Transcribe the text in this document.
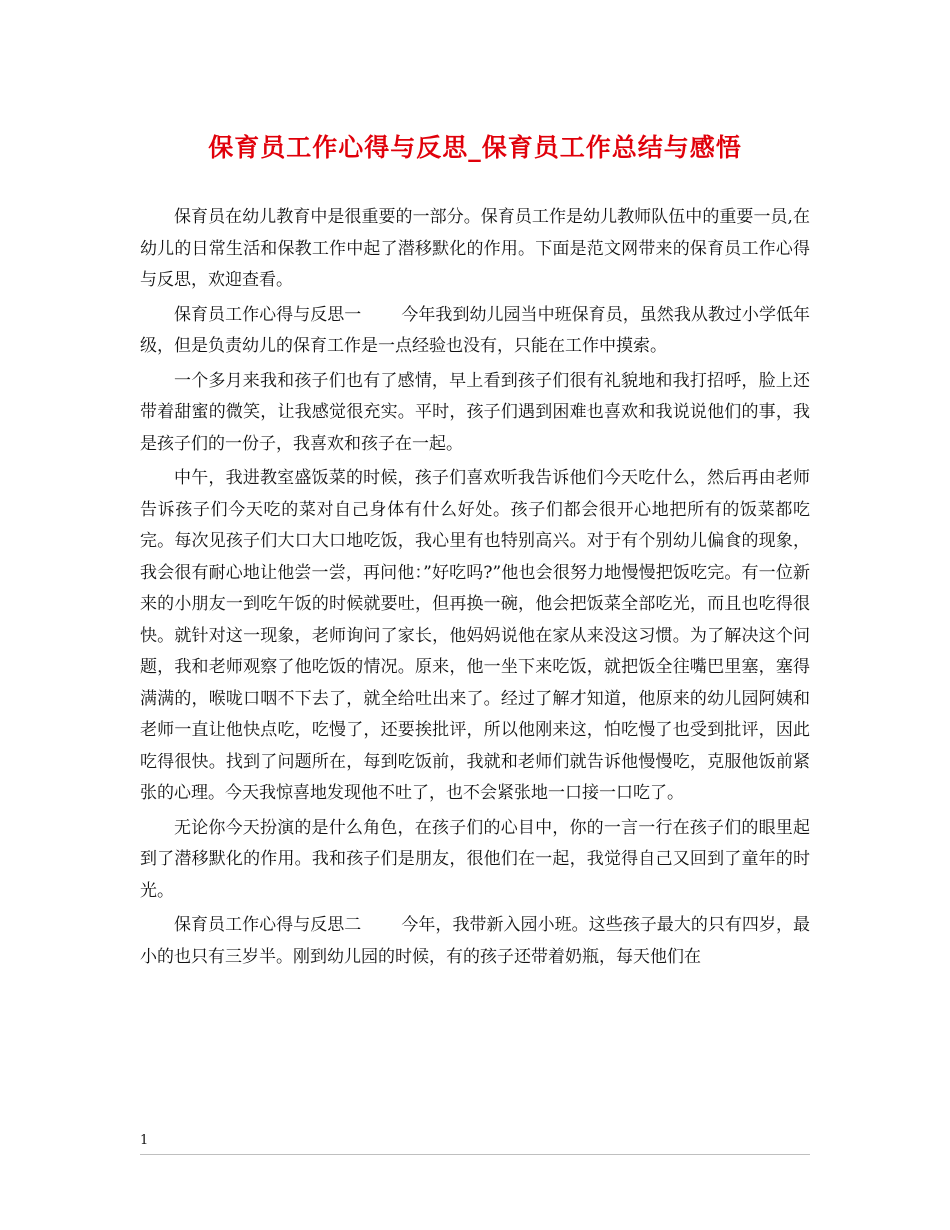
保育员工作心得与反思_保育员工作总结与感悟

保育员在幼儿教育中是很重要的一部分。保育员工作是幼儿教师队伍中的重要一员,在幼儿的日常生活和保教工作中起了潜移默化的作用。下面是范文网带来的保育员工作心得与反思，欢迎查看。

保育员工作心得与反思一 今年我到幼儿园当中班保育员，虽然我从教过小学低年级，但是负责幼儿的保育工作是一点经验也没有，只能在工作中摸索。

一个多月来我和孩子们也有了感情，早上看到孩子们很有礼貌地和我打招呼，脸上还带着甜蜜的微笑，让我感觉很充实。平时，孩子们遇到困难也喜欢和我说说他们的事，我是孩子们的一份子，我喜欢和孩子在一起。

中午，我进教室盛饭菜的时候，孩子们喜欢听我告诉他们今天吃什么，然后再由老师告诉孩子们今天吃的菜对自己身体有什么好处。孩子们都会很开心地把所有的饭菜都吃完。每次见孩子们大口大口地吃饭，我心里有也特别高兴。对于有个别幼儿偏食的现象，我会很有耐心地让他尝一尝，再问他：”好吃吗?”他也会很努力地慢慢把饭吃完。有一位新来的小朋友一到吃午饭的时候就要吐，但再换一碗，他会把饭菜全部吃光，而且也吃得很快。就针对这一现象，老师询问了家长，他妈妈说他在家从来没这习惯。为了解决这个问题，我和老师观察了他吃饭的情况。原来，他一坐下来吃饭，就把饭全往嘴巴里塞，塞得满满的，喉咙口咽不下去了，就全给吐出来了。经过了解才知道，他原来的幼儿园阿姨和老师一直让他快点吃，吃慢了，还要挨批评，所以他刚来这，怕吃慢了也受到批评，因此吃得很快。找到了问题所在，每到吃饭前，我就和老师们就告诉他慢慢吃，克服他饭前紧张的心理。今天我惊喜地发现他不吐了，也不会紧张地一口接一口吃了。

无论你今天扮演的是什么角色，在孩子们的心目中，你的一言一行在孩子们的眼里起到了潜移默化的作用。我和孩子们是朋友，很他们在一起，我觉得自己又回到了童年的时光。

保育员工作心得与反思二 今年，我带新入园小班。这些孩子最大的只有四岁，最小的也只有三岁半。刚到幼儿园的时候，有的孩子还带着奶瓶，每天他们在

1
